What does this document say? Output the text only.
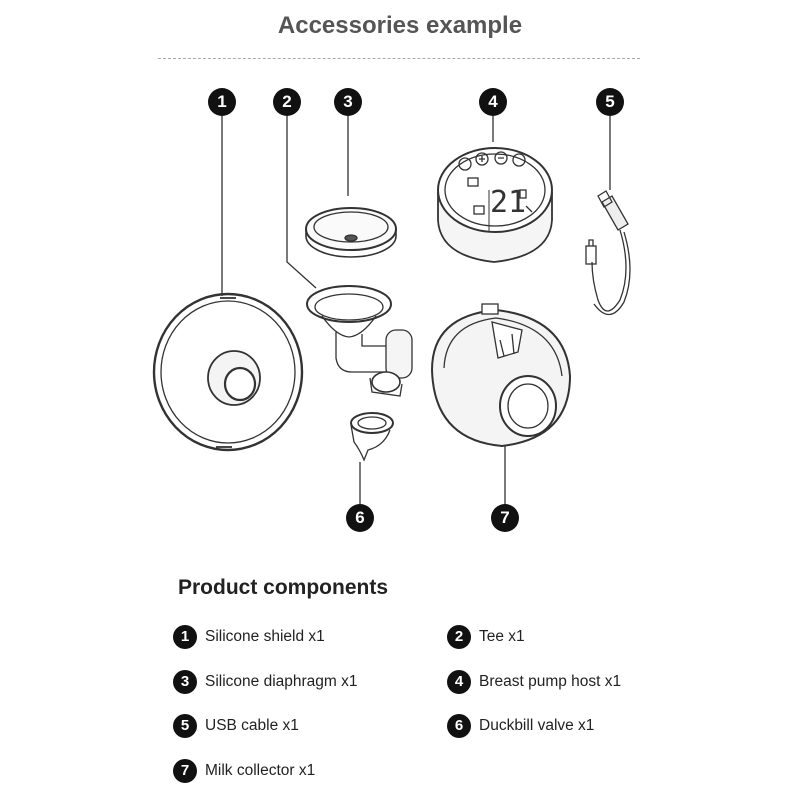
Accessories example
21
1	2	3	4	5
6	7
Product components
1	Silicone shield x1	2	Tee x1
3	Silicone diaphragm x1	4	Breast pump host x1
5	USB cable x1	6	Duckbill valve x1
7	Milk collector x1
